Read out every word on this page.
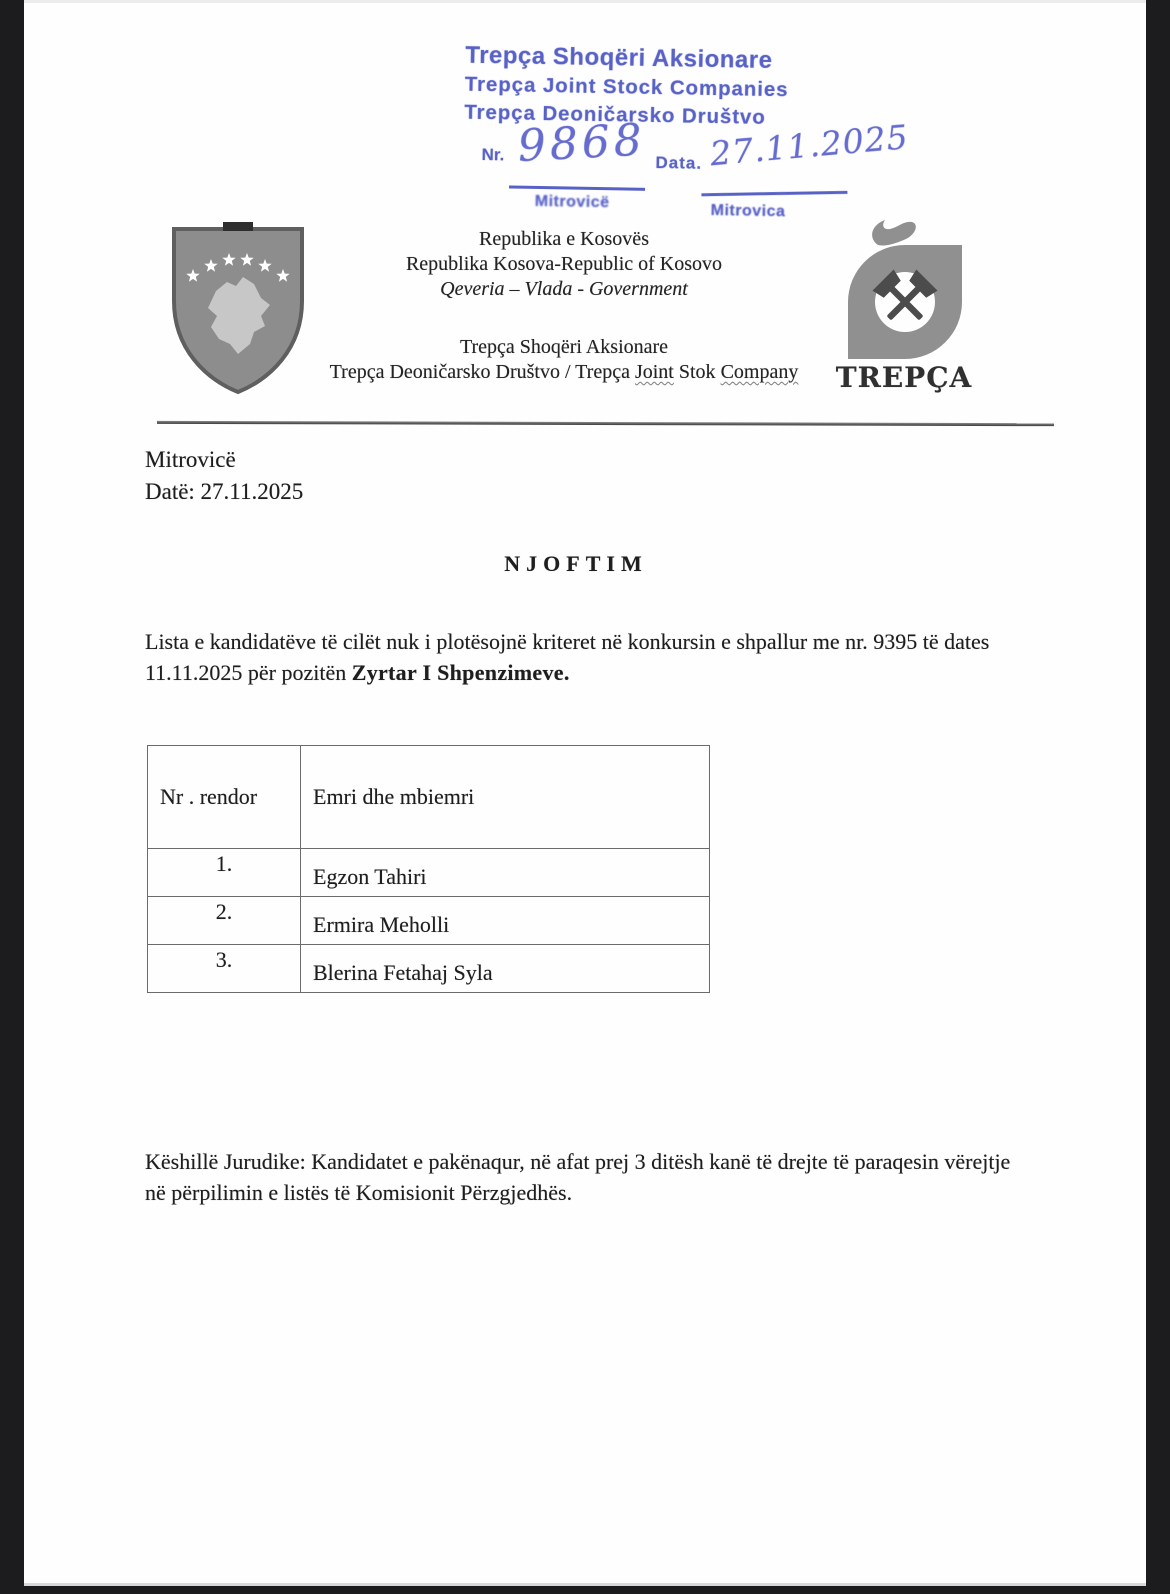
Trepça Shoqëri Aksionare
Trepça Joint Stock Companies
Trepça Deoničarsko Društvo
Nr. 9868 Data. 27.11.2025
Mitrovicë	Mitrovica
Republika e Kosovës
Republika Kosova-Republic of Kosovo
Qeveria – Vlada - Government
Trepça Shoqëri Aksionare
Trepça Deoničarsko Društvo / Trepça Joint Stok Company	TREPÇA
Mitrovicë
Datë: 27.11.2025
NJOFTIM
Lista e kandidatëve të cilët nuk i plotësojnë kriteret në konkursin e shpallur me nr. 9395 të dates 11.11.2025 për pozitën Zyrtar I Shpenzimeve.
Nr . rendor	Emri dhe mbiemri
1.	Egzon Tahiri
2.	Ermira Meholli
3.	Blerina Fetahaj Syla
Këshillë Jurudike: Kandidatet e pakënaqur, në afat prej 3 ditësh kanë të drejte të paraqesin vërejtje në përpilimin e listës të Komisionit Përzgjedhës.
